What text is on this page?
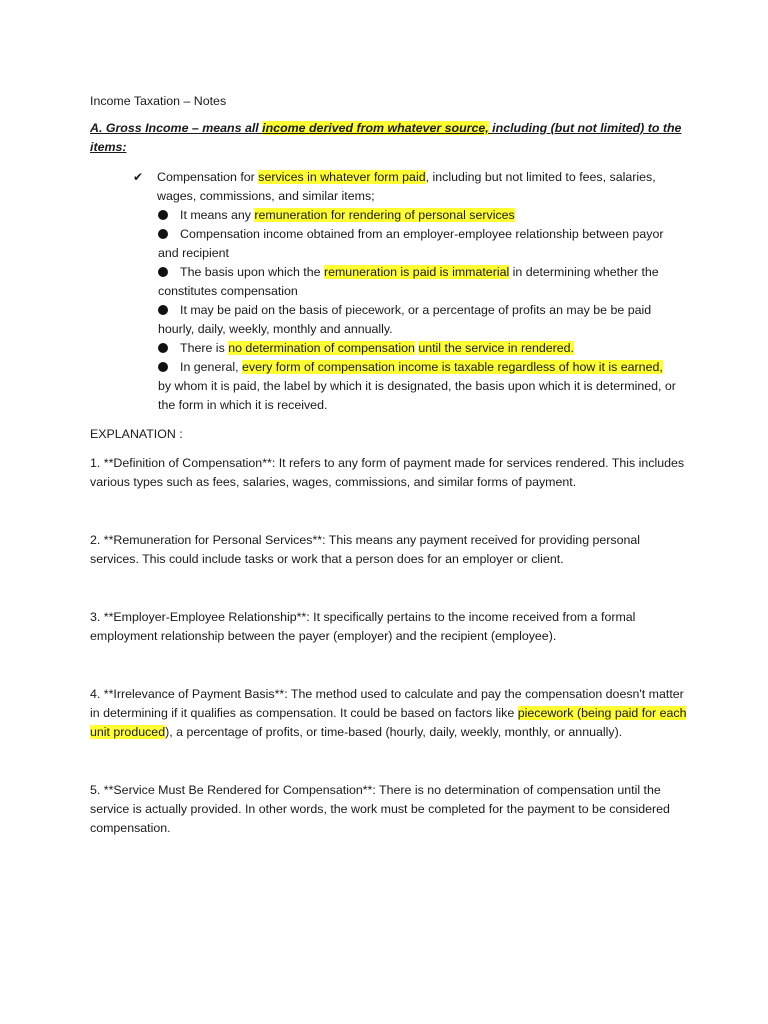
Income Taxation – Notes

A. Gross Income – means all income derived from whatever source, including (but not limited) to the items:

✔ Compensation for services in whatever form paid, including but not limited to fees, salaries, wages, commissions, and similar items;

It means any remuneration for rendering of personal services

Compensation income obtained from an employer-employee relationship between payor and recipient

The basis upon which the remuneration is paid is immaterial in determining whether the constitutes compensation

It may be paid on the basis of piecework, or a percentage of profits an may be be paid hourly, daily, weekly, monthly and annually.

There is no determination of compensation until the service in rendered.

In general, every form of compensation income is taxable regardless of how it is earned, by whom it is paid, the label by which it is designated, the basis upon which it is determined, or the form in which it is received.

EXPLANATION :

1. **Definition of Compensation**: It refers to any form of payment made for services rendered. This includes various types such as fees, salaries, wages, commissions, and similar forms of payment.

2. **Remuneration for Personal Services**: This means any payment received for providing personal services. This could include tasks or work that a person does for an employer or client.

3. **Employer-Employee Relationship**: It specifically pertains to the income received from a formal employment relationship between the payer (employer) and the recipient (employee).

4. **Irrelevance of Payment Basis**: The method used to calculate and pay the compensation doesn't matter in determining if it qualifies as compensation. It could be based on factors like piecework (being paid for each unit produced), a percentage of profits, or time-based (hourly, daily, weekly, monthly, or annually).

5. **Service Must Be Rendered for Compensation**: There is no determination of compensation until the service is actually provided. In other words, the work must be completed for the payment to be considered compensation.
